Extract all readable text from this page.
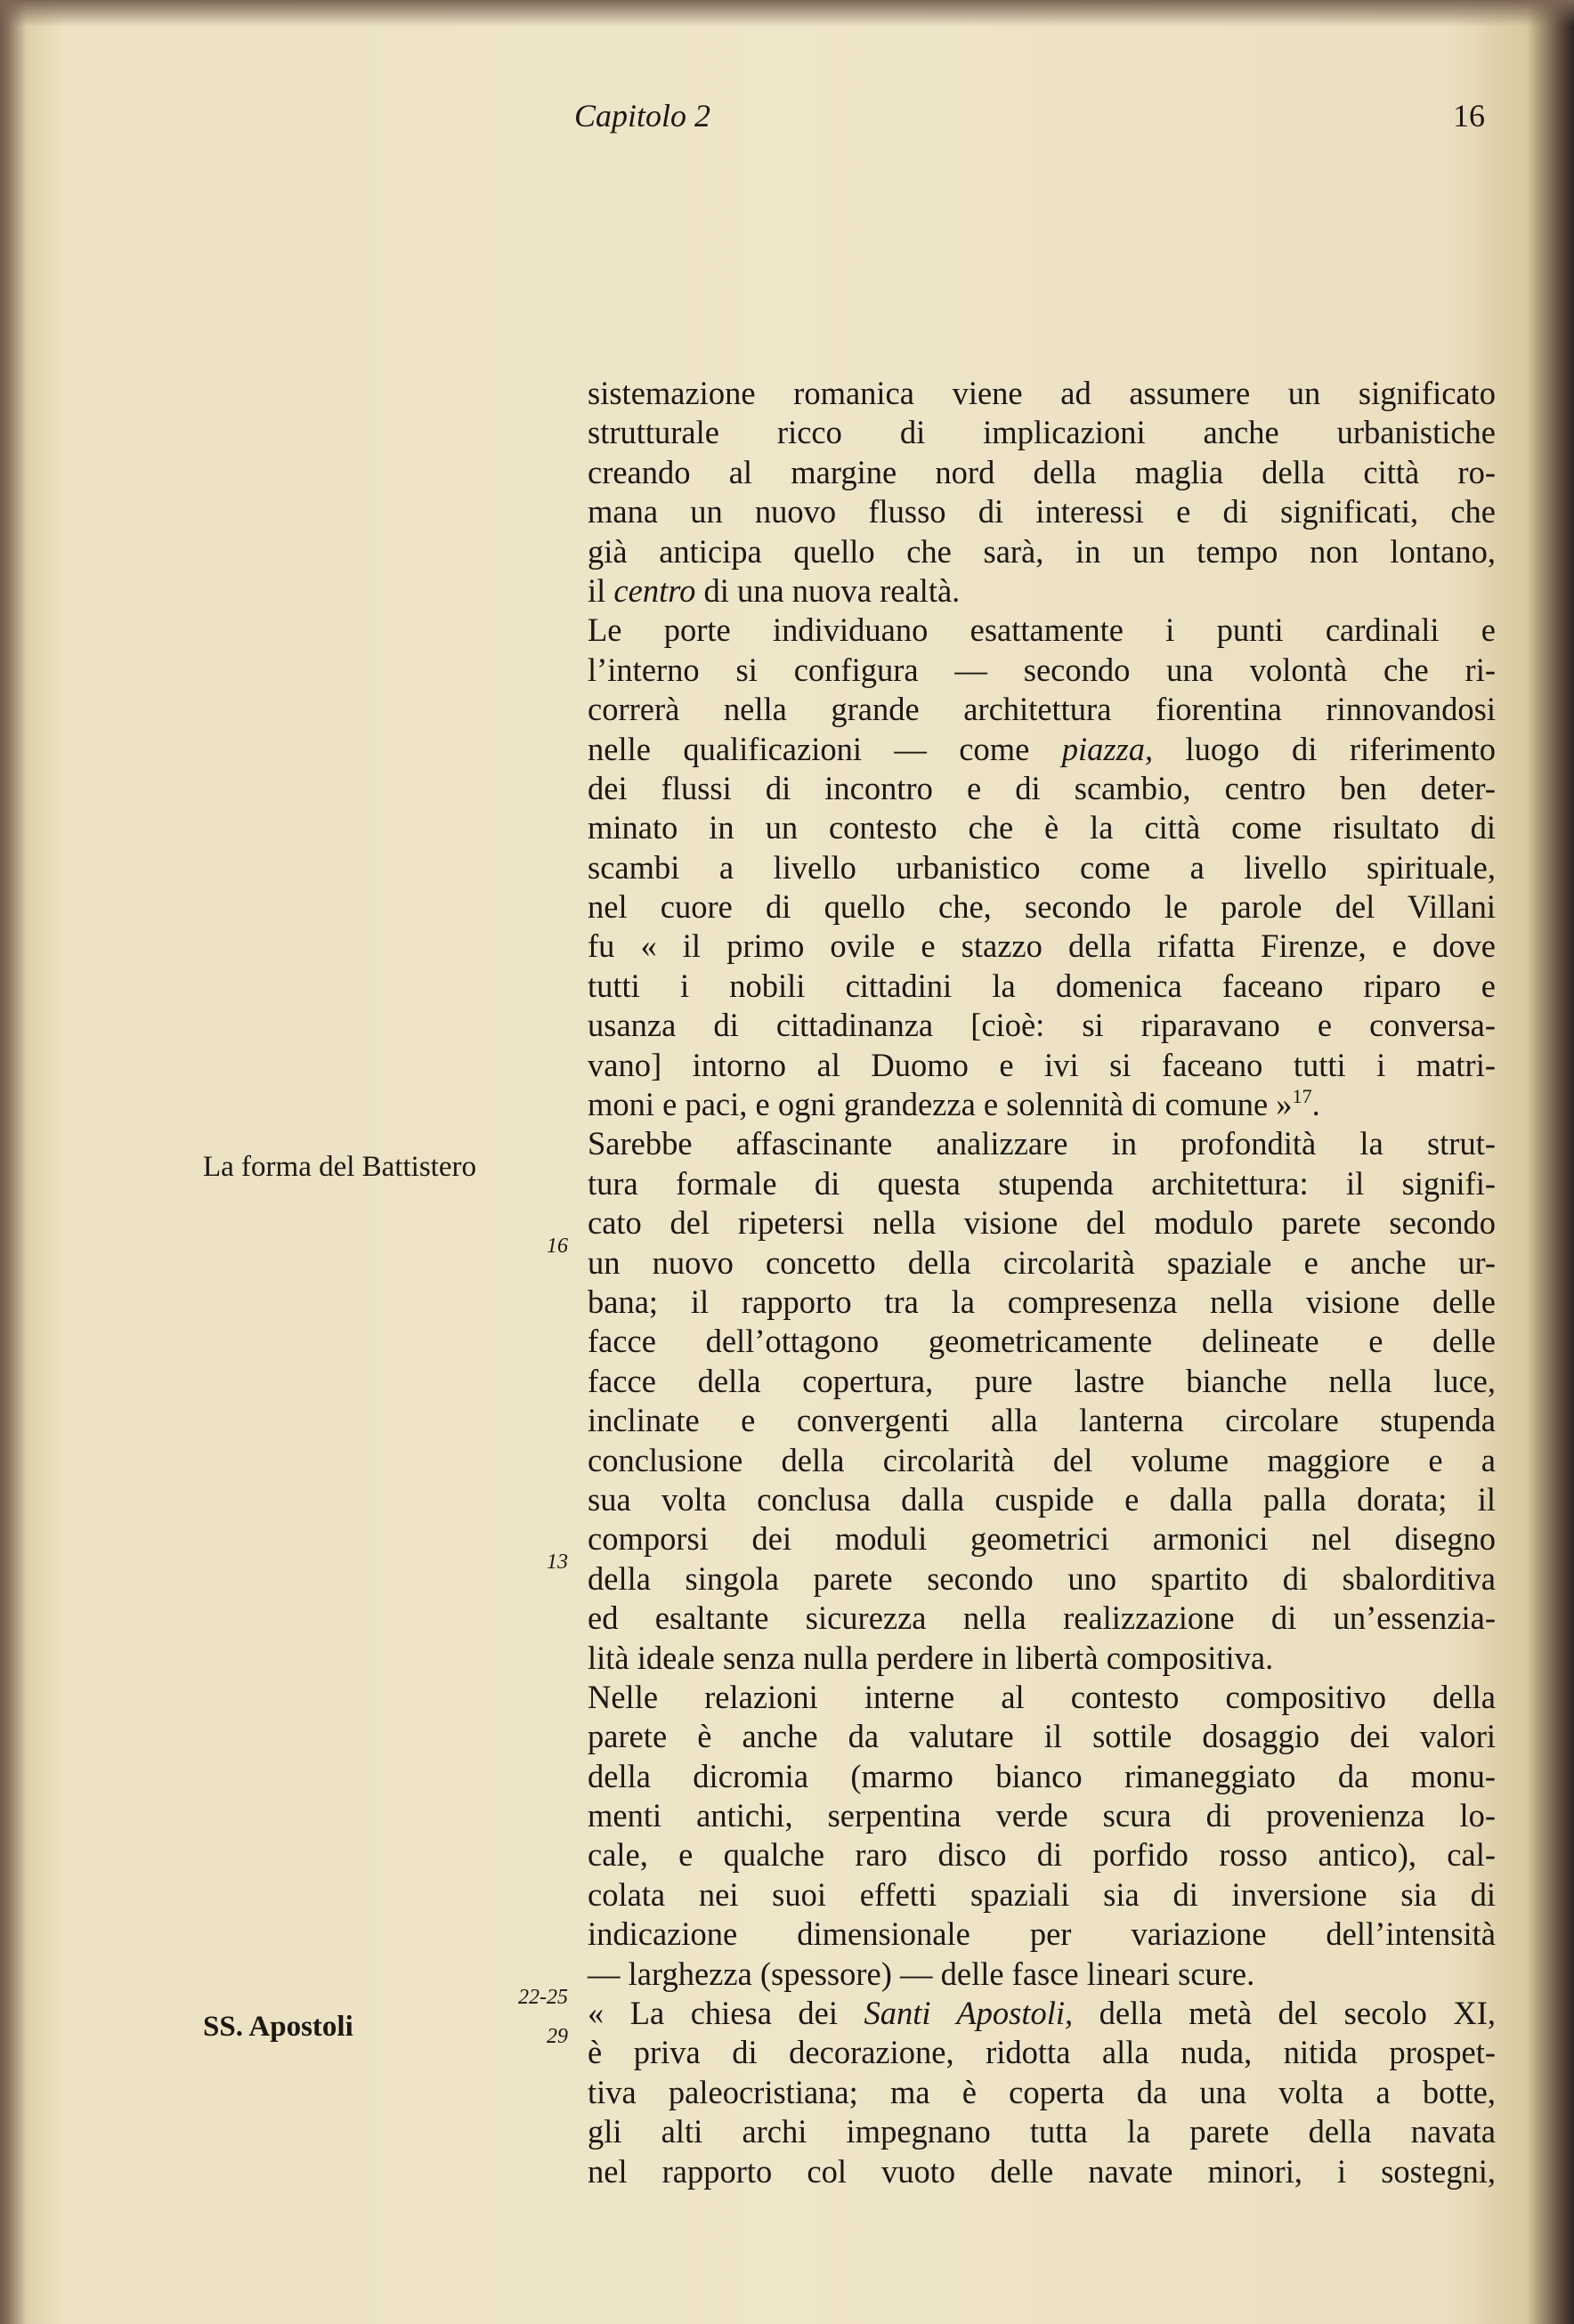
Capitolo 2	16
La forma del Battistero
SS. Apostoli
16
13
22-25
29
sistemazione romanica viene ad assumere un significato
strutturale ricco di implicazioni anche urbanistiche
creando al margine nord della maglia della città ro-
mana un nuovo flusso di interessi e di significati, che
già anticipa quello che sarà, in un tempo non lontano,
il centro di una nuova realtà.
Le porte individuano esattamente i punti cardinali e
l’interno si configura — secondo una volontà che ri-
correrà nella grande architettura fiorentina rinnovandosi
nelle qualificazioni — come piazza, luogo di riferimento
dei flussi di incontro e di scambio, centro ben deter-
minato in un contesto che è la città come risultato di
scambi a livello urbanistico come a livello spirituale,
nel cuore di quello che, secondo le parole del Villani
fu « il primo ovile e stazzo della rifatta Firenze, e dove
tutti i nobili cittadini la domenica faceano riparo e
usanza di cittadinanza [cioè: si riparavano e conversa-
vano] intorno al Duomo e ivi si faceano tutti i matri-
moni e paci, e ogni grandezza e solennità di comune »$^{17}$.
Sarebbe affascinante analizzare in profondità la strut-
tura formale di questa stupenda architettura: il signifi-
cato del ripetersi nella visione del modulo parete secondo
un nuovo concetto della circolarità spaziale e anche ur-
bana; il rapporto tra la compresenza nella visione delle
facce dell’ottagono geometricamente delineate e delle
facce della copertura, pure lastre bianche nella luce,
inclinate e convergenti alla lanterna circolare stupenda
conclusione della circolarità del volume maggiore e a
sua volta conclusa dalla cuspide e dalla palla dorata; il
comporsi dei moduli geometrici armonici nel disegno
della singola parete secondo uno spartito di sbalorditiva
ed esaltante sicurezza nella realizzazione di un’essenzia-
lità ideale senza nulla perdere in libertà compositiva.
Nelle relazioni interne al contesto compositivo della
parete è anche da valutare il sottile dosaggio dei valori
della dicromia (marmo bianco rimaneggiato da monu-
menti antichi, serpentina verde scura di provenienza lo-
cale, e qualche raro disco di porfido rosso antico), cal-
colata nei suoi effetti spaziali sia di inversione sia di
indicazione dimensionale per variazione dell’intensità
— larghezza (spessore) — delle fasce lineari scure.
« La chiesa dei Santi Apostoli, della metà del secolo XI,
è priva di decorazione, ridotta alla nuda, nitida prospet-
tiva paleocristiana; ma è coperta da una volta a botte,
gli alti archi impegnano tutta la parete della navata
nel rapporto col vuoto delle navate minori, i sostegni,
